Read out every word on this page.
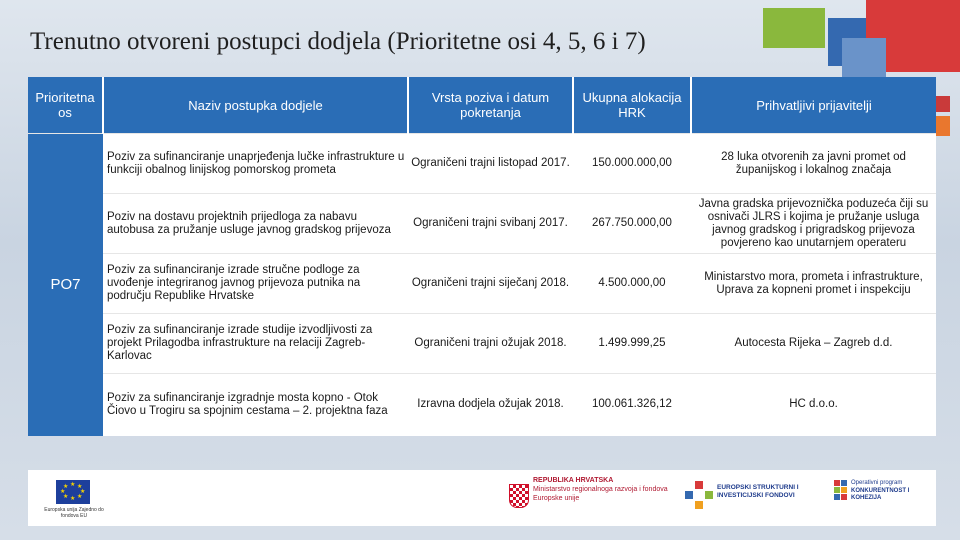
Trenutno otvoreni postupci dodjela (Prioritetne osi 4, 5, 6 i 7)
Prioritetna os	Naziv postupka dodjele	Vrsta poziva i datum pokretanja	Ukupna alokacija HRK	Prihvatljivi prijavitelji
PO7	Poziv za sufinanciranje unaprjeđenja lučke infrastrukture u funkciji obalnog linijskog pomorskog prometa	Ograničeni trajni listopad 2017.	150.000.000,00	28 luka otvorenih za javni promet od županijskog i lokalnog značaja
	Poziv na dostavu projektnih prijedloga za nabavu autobusa za pružanje usluge javnog gradskog prijevoza	Ograničeni trajni svibanj 2017.	267.750.000,00	Javna gradska prijevoznička poduzeća čiji su osnivači JLRS i kojima je pružanje usluga javnog gradskog i prigradskog prijevoza povjereno kao unutarnjem operateru
	Poziv za sufinanciranje izrade stručne podloge za uvođenje integriranog javnog prijevoza putnika na području Republike Hrvatske	Ograničeni trajni siječanj 2018.	4.500.000,00	Ministarstvo mora, prometa i infrastrukture, Uprava za kopneni promet i inspekciju
	Poziv za sufinanciranje izrade studije izvodljivosti za projekt Prilagodba infrastrukture na relaciji Zagreb-Karlovac	Ograničeni trajni ožujak 2018.	1.499.999,25	Autocesta Rijeka – Zagreb d.d.
	Poziv za sufinanciranje izgradnje mosta kopno - Otok Čiovo u Trogiru sa spojnim cestama – 2. projektna faza	Izravna dodjela ožujak 2018.	100.061.326,12	HC d.o.o.
★ ★
★
★
★
★
★
★
Europska unija Zajedno do fondova EU
REPUBLIKA HRVATSKA
Ministarstvo regionalnoga razvoja i fondova Europske unije
EUROPSKI STRUKTURNI I INVESTICIJSKI FONDOVI
Operativni program
KONKURENTNOST I KOHEZIJA
